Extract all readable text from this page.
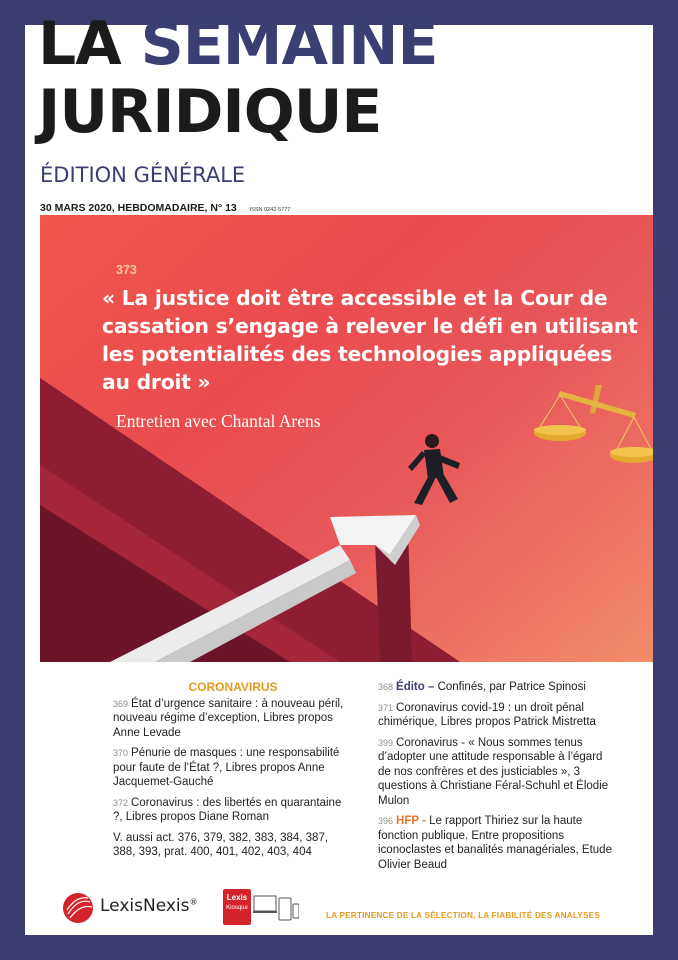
LA SEMAINE
JURIDIQUE
ÉDITION GÉNÉRALE
30 MARS 2020, HEBDOMADAIRE, N° 13 ISSN 0242-5777
373
« La justice doit être accessible et la Cour de cassation s’engage à relever le défi en utilisant les potentialités des technologies appliquées au droit »
Entretien avec Chantal Arens
CORONAVIRUS
369 État d’urgence sanitaire : à nouveau péril, nouveau régime d’exception, Libres propos Anne Levade
370 Pénurie de masques : une responsabilité pour faute de l’État ?, Libres propos Anne Jacquemet-Gauché
372 Coronavirus : des libertés en quarantaine ?, Libres propos Diane Roman
V. aussi act. 376, 379, 382, 383, 384, 387, 388, 393, prat. 400, 401, 402, 403, 404
368 Édito – Confinés, par Patrice Spinosi
371 Coronavirus covid-19 : un droit pénal chimérique, Libres propos Patrick Mistretta
399 Coronavirus - « Nous sommes tenus d’adopter une attitude responsable à l’égard de nos confrères et des justiciables », 3 questions à Christiane Féral-Schuhl et Élodie Mulon
396 HFP - Le rapport Thiriez sur la haute fonction publique. Entre propositions iconoclastes et banalités managériales, Etude Olivier Beaud
LexisNexis®	Lexis
Kiosque
LA PERTINENCE DE LA SÉLECTION, LA FIABILITÉ DES ANALYSES
